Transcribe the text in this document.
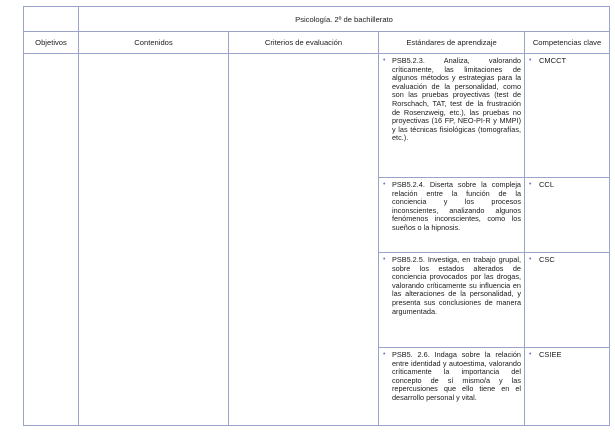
	Psicología. 2º de bachillerato			
Objetivos	Contenidos	Criterios de evaluación	Estándares de aprendizaje	Competencias clave

			• PSB5.2.3. Analiza, valorando críticamente, las limitaciones de algunos métodos y estrategias para la evaluación de la personalidad, como son las pruebas proyectivas (test de Rorschach, TAT, test de la frustración de Rosenzweig, etc.), las pruebas no proyectivas (16 FP, NEO-PI-R y MMPI) y las técnicas fisiológicas (tomografías, etc.).	• CMCCT

			• PSB5.2.4. Diserta sobre la compleja relación entre la función de la conciencia y los procesos inconscientes, analizando algunos fenómenos inconscientes, como los sueños o la hipnosis.	• CCL

			• PSB5.2.5. Investiga, en trabajo grupal, sobre los estados alterados de conciencia provocados por las drogas, valorando críticamente su influencia en las alteraciones de la personalidad, y presenta sus conclusiones de manera argumentada.	• CSC

			• PSB5. 2.6. Indaga sobre la relación entre identidad y autoestima, valorando críticamente la importancia del concepto de sí mismo/a y las repercusiones que ello tiene en el desarrollo personal y vital.	• CSIEE
